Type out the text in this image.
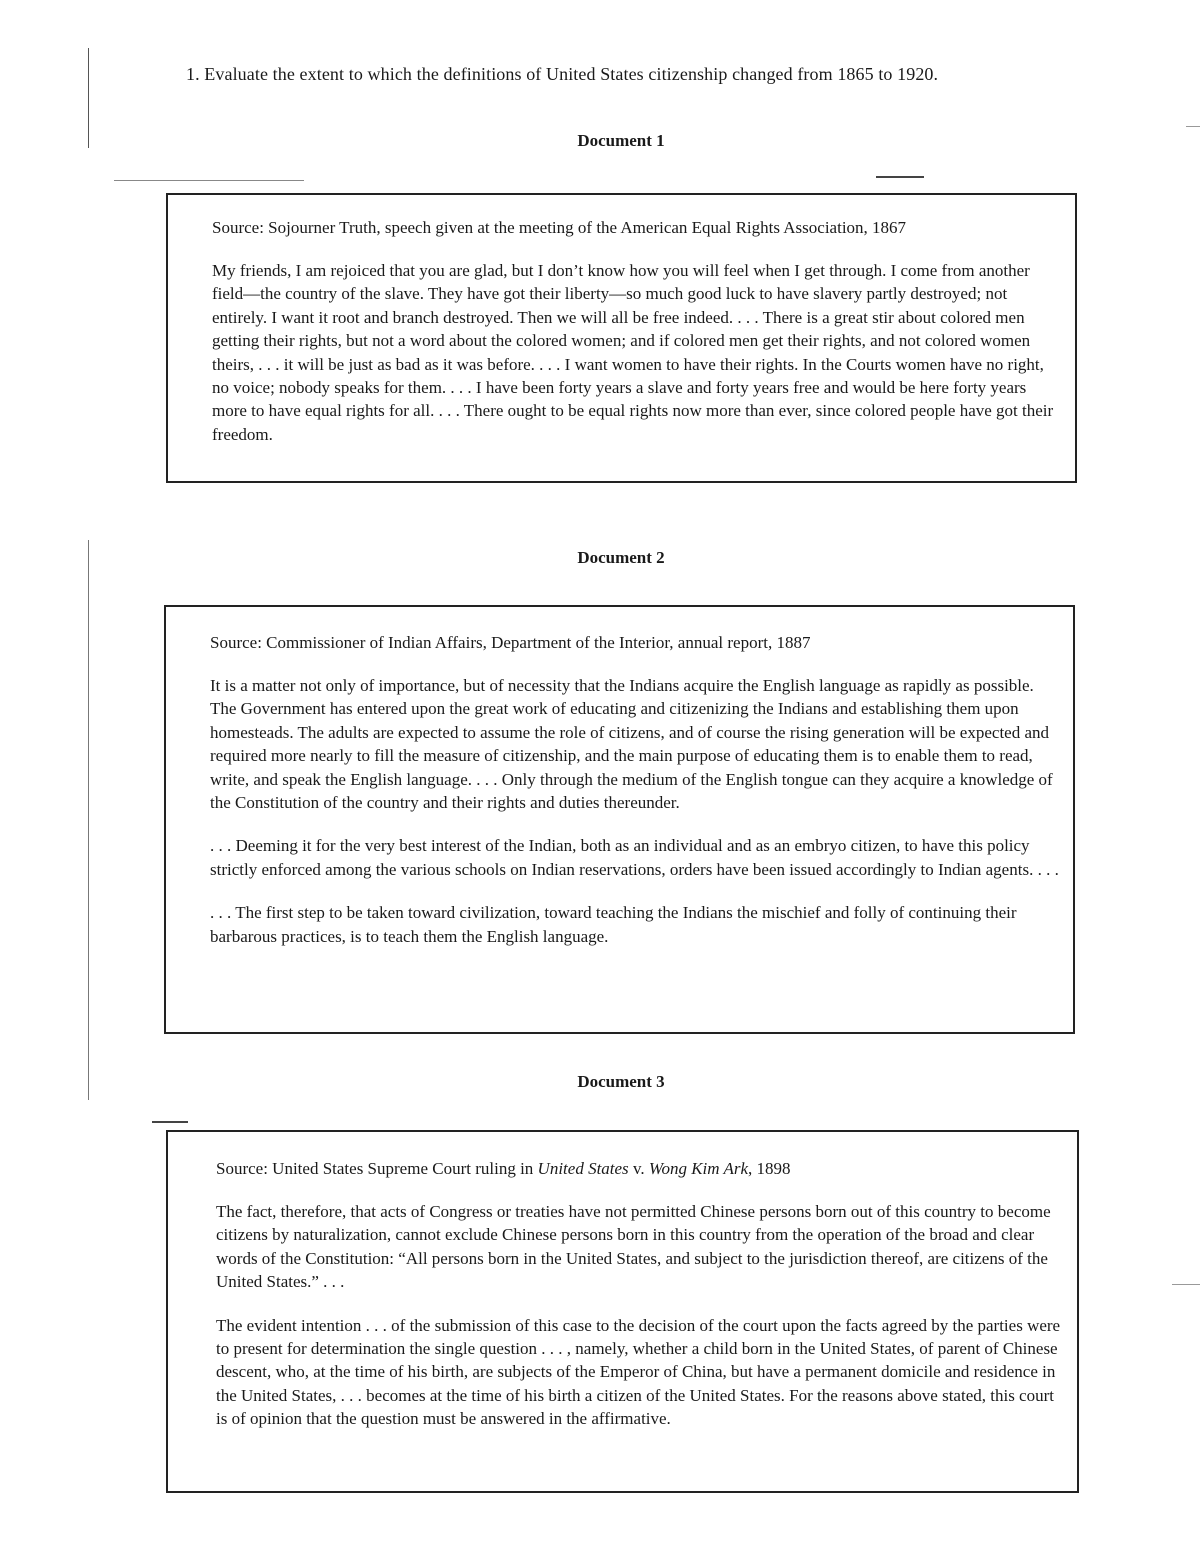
1. Evaluate the extent to which the definitions of United States citizenship changed from 1865 to 1920.
Document 1
Source: Sojourner Truth, speech given at the meeting of the American Equal Rights Association, 1867
My friends, I am rejoiced that you are glad, but I don’t know how you will feel when I get through. I come from another field—the country of the slave. They have got their liberty—so much good luck to have slavery partly destroyed; not entirely. I want it root and branch destroyed. Then we will all be free indeed. . . . There is a great stir about colored men getting their rights, but not a word about the colored women; and if colored men get their rights, and not colored women theirs, . . . it will be just as bad as it was before. . . . I want women to have their rights. In the Courts women have no right, no voice; nobody speaks for them. . . . I have been forty years a slave and forty years free and would be here forty years more to have equal rights for all. . . . There ought to be equal rights now more than ever, since colored people have got their freedom.
Document 2
Source: Commissioner of Indian Affairs, Department of the Interior, annual report, 1887
It is a matter not only of importance, but of necessity that the Indians acquire the English language as rapidly as possible. The Government has entered upon the great work of educating and citizenizing the Indians and establishing them upon homesteads. The adults are expected to assume the role of citizens, and of course the rising generation will be expected and required more nearly to fill the measure of citizenship, and the main purpose of educating them is to enable them to read, write, and speak the English language. . . . Only through the medium of the English tongue can they acquire a knowledge of the Constitution of the country and their rights and duties thereunder.
. . . Deeming it for the very best interest of the Indian, both as an individual and as an embryo citizen, to have this policy strictly enforced among the various schools on Indian reservations, orders have been issued accordingly to Indian agents. . . .
. . . The first step to be taken toward civilization, toward teaching the Indians the mischief and folly of continuing their barbarous practices, is to teach them the English language.
Document 3
Source: United States Supreme Court ruling in United States v. Wong Kim Ark, 1898
The fact, therefore, that acts of Congress or treaties have not permitted Chinese persons born out of this country to become citizens by naturalization, cannot exclude Chinese persons born in this country from the operation of the broad and clear words of the Constitution: “All persons born in the United States, and subject to the jurisdiction thereof, are citizens of the United States.” . . .
The evident intention . . . of the submission of this case to the decision of the court upon the facts agreed by the parties were to present for determination the single question . . . , namely, whether a child born in the United States, of parent of Chinese descent, who, at the time of his birth, are subjects of the Emperor of China, but have a permanent domicile and residence in the United States, . . . becomes at the time of his birth a citizen of the United States. For the reasons above stated, this court is of opinion that the question must be answered in the affirmative.
